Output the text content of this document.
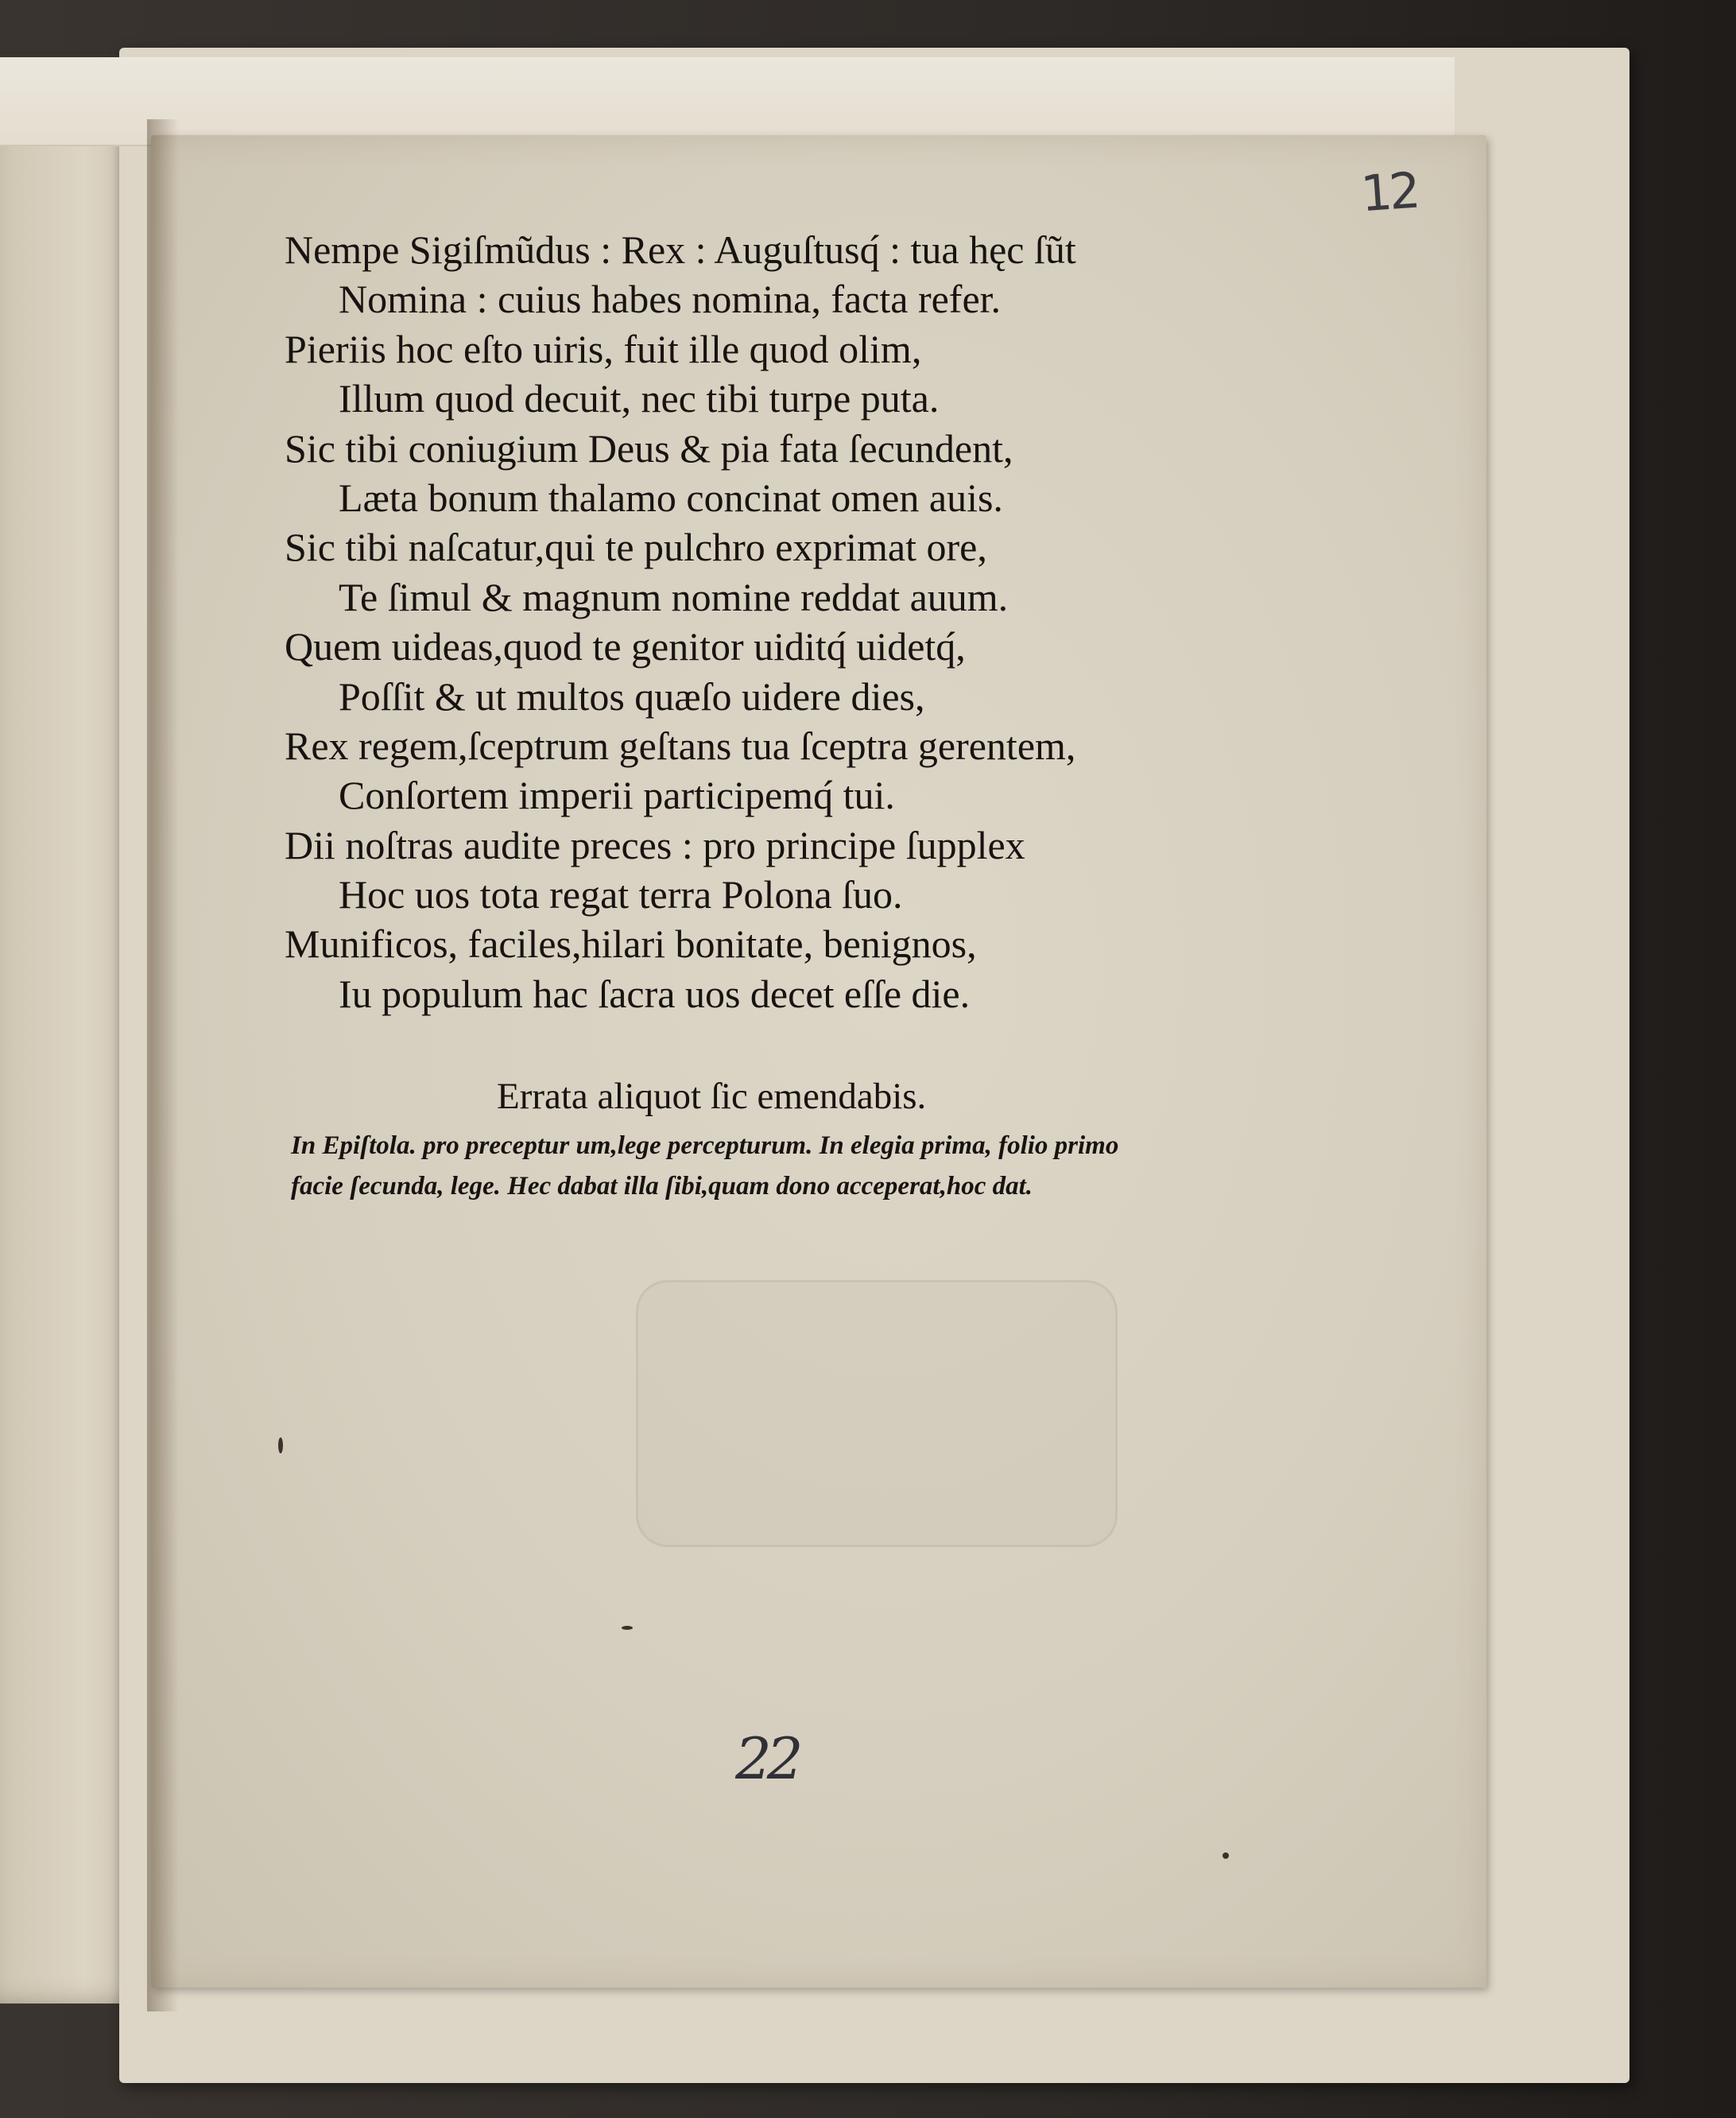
12
Nempe Sigiſmũdus : Rex : Auguſtusq́ : tua hęc ſũt
Nomina : cuius habes nomina, facta refer.
Pieriis hoc eſto uiris, fuit ille quod olim,
Illum quod decuit, nec tibi turpe puta.
Sic tibi coniugium Deus & pia fata ſecundent,
Læta bonum thalamo concinat omen auis.
Sic tibi naſcatur,qui te pulchro exprimat ore,
Te ſimul & magnum nomine reddat auum.
Quem uideas,quod te genitor uiditq́ uidetq́,
Poſſit & ut multos quæſo uidere dies,
Rex regem,ſceptrum geſtans tua ſceptra gerentem,
Conſortem imperii participemq́ tui.
Dii noſtras audite preces : pro principe ſupplex
Hoc uos tota regat terra Polona ſuo.
Munificos, faciles,hilari bonitate, benignos,
Iu populum hac ſacra uos decet eſſe die.
Errata aliquot ſic emendabis.
In Epiſtola. pro preceptur um,lege percepturum. In elegia prima, folio primo
facie ſecunda, lege. Hec dabat illa ſibi,quam dono acceperat,hoc dat.
22
